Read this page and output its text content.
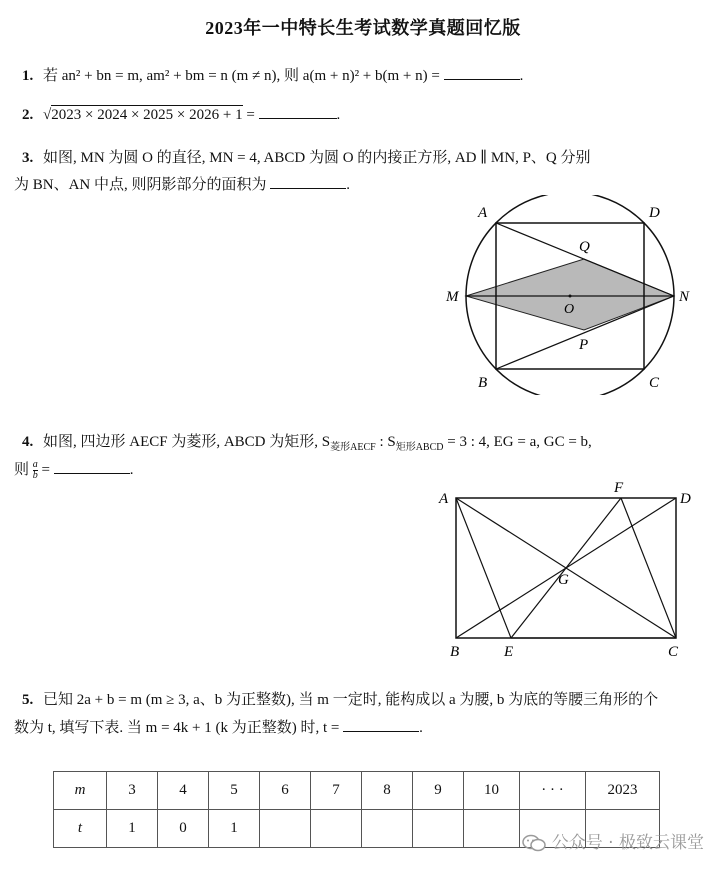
2023年一中特长生考试数学真题回忆版
1. 若 an² + bn = m, am² + bm = n (m ≠ n), 则 a(m + n)² + b(m + n) =	.
2. √2023 × 2024 × 2025 × 2026 + 1 =	.
3. 如图, MN 为圆 O 的直径, MN = 4, ABCD 为圆 O 的内接正方形, AD ∥ MN, P、Q 分别
为 BN、AN 中点, 则阴影部分的面积为	.
A	D
M	N
O
Q
P
B	C
4. 如图, 四边形 AECF 为菱形, ABCD 为矩形, $S_{菱形AECF}$ : $S_{矩形ABCD} = 3$ : 4, EG = a, GC = b,
则 $\frac{a}{b}$ =	.
A
F
D
G
B	E	C
5. 已知 2a + b = m (m ≥ 3, a、b 为正整数), 当 m 一定时, 能构成以 a 为腰, b 为底的等腰三角形的个
数为 t, 填写下表. 当 m = 4k + 1 (k 为正整数) 时, t =	.
m	3	4	5	6	7	8	9	10	· · ·	2023
t	1	0	1							
公众号 · 极致云课堂
